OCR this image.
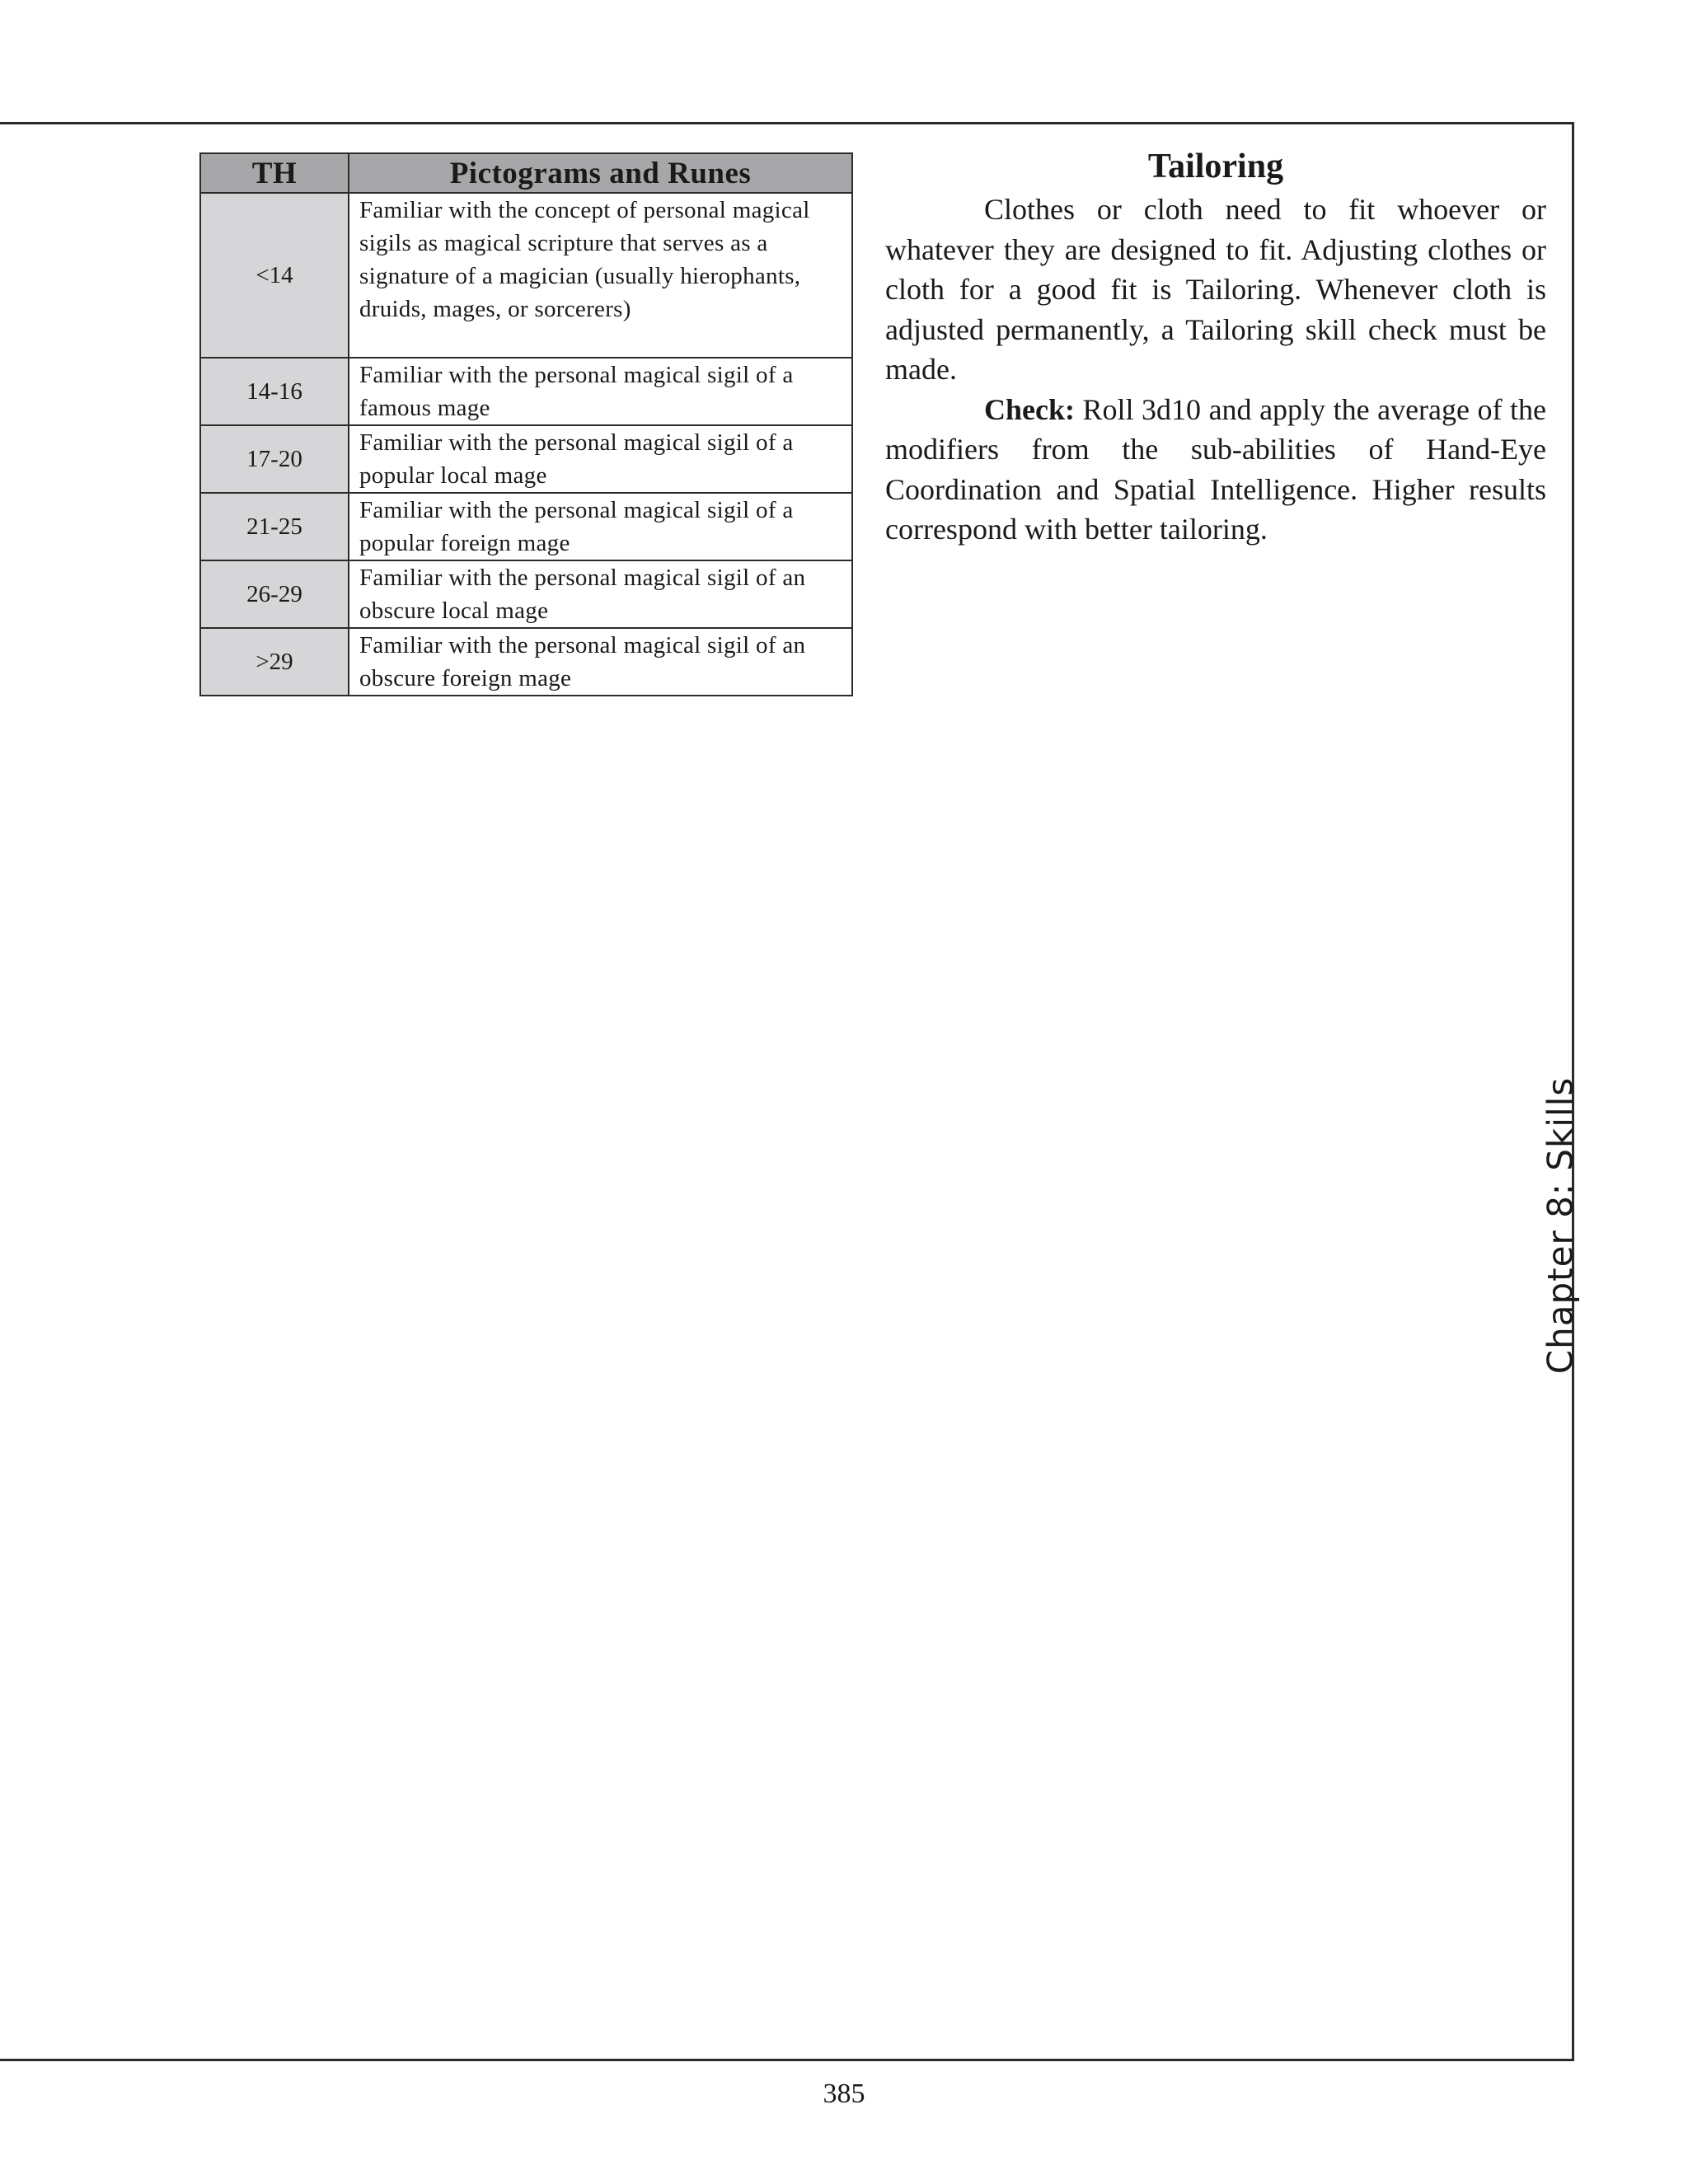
TH	Pictograms and Runes
<14	Familiar with the concept of personal magical sigils as magical scripture that serves as a signature of a magician (usually hierophants, druids, mages, or sorcerers)
14-16	Familiar with the personal magical sigil of a famous mage
17-20	Familiar with the personal magical sigil of a popular local mage
21-25	Familiar with the personal magical sigil of a popular foreign mage
26-29	Familiar with the personal magical sigil of an obscure local mage
>29	Familiar with the personal magical sigil of an obscure foreign mage
Tailoring

Clothes or cloth need to fit whoever or whatever they are designed to fit. Adjusting clothes or cloth for a good fit is Tailoring. Whenever cloth is adjusted permanently, a Tailoring skill check must be made.

Check: Roll 3d10 and apply the average of the modifiers from the sub-abilities of Hand-Eye Coordination and Spatial Intelligence. Higher results correspond with better tailoring.

Chapter 8: Skills
385
